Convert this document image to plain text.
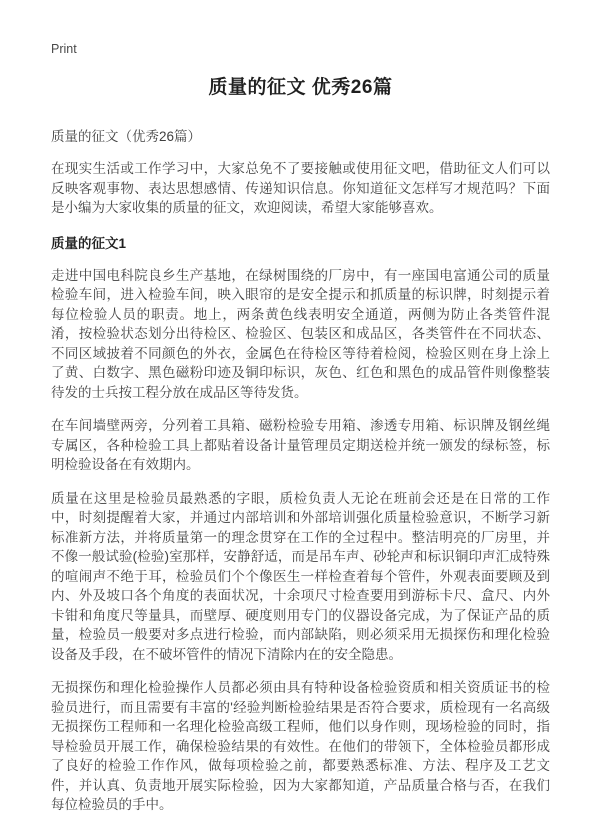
Print
质量的征文 优秀26篇
质量的征文（优秀26篇）

在现实生活或工作学习中，大家总免不了要接触或使用征文吧，借助征文人们可以反映客观事物、表达思想感情、传递知识信息。你知道征文怎样写才规范吗？下面是小编为大家收集的质量的征文，欢迎阅读，希望大家能够喜欢。

质量的征文1

走进中国电科院良乡生产基地，在绿树围绕的厂房中，有一座国电富通公司的质量检验车间，进入检验车间，映入眼帘的是安全提示和抓质量的标识牌，时刻提示着每位检验人员的职责。地上，两条黄色线表明安全通道，两侧为防止各类管件混淆，按检验状态划分出待检区、检验区、包装区和成品区，各类管件在不同状态、不同区域披着不同颜色的外衣，金属色在待检区等待着检阅，检验区则在身上涂上了黄、白数字、黑色磁粉印迹及铜印标识，灰色、红色和黑色的成品管件则像整装待发的士兵按工程分放在成品区等待发货。

在车间墙壁两旁，分列着工具箱、磁粉检验专用箱、渗透专用箱、标识牌及钢丝绳专属区，各种检验工具上都贴着设备计量管理员定期送检并统一颁发的绿标签，标明检验设备在有效期内。

质量在这里是检验员最熟悉的字眼，质检负责人无论在班前会还是在日常的工作中，时刻提醒着大家，并通过内部培训和外部培训强化质量检验意识，不断学习新标准新方法，并将质量第一的理念贯穿在工作的全过程中。整洁明亮的厂房里，并不像一般试验(检验)室那样，安静舒适，而是吊车声、砂轮声和标识铜印声汇成特殊的喧闹声不绝于耳，检验员们个个像医生一样检查着每个管件，外观表面要顾及到内、外及坡口各个角度的表面状况，十余项尺寸检查要用到游标卡尺、盒尺、内外卡钳和角度尺等量具，而壁厚、硬度则用专门的仪器设备完成，为了保证产品的质量，检验员一般要对多点进行检验，而内部缺陷，则必须采用无损探伤和理化检验设备及手段，在不破坏管件的情况下清除内在的安全隐患。

无损探伤和理化检验操作人员都必须由具有特种设备检验资质和相关资质证书的检验员进行，而且需要有丰富的'经验判断检验结果是否符合要求，质检现有一名高级无损探伤工程师和一名理化检验高级工程师，他们以身作则，现场检验的同时，指导检验员开展工作，确保检验结果的有效性。在他们的带领下，全体检验员都形成了良好的检验工作作风，做每项检验之前，都要熟悉标准、方法、程序及工艺文件，并认真、负责地开展实际检验，因为大家都知道，产品质量合格与否，在我们每位检验员的手中。
